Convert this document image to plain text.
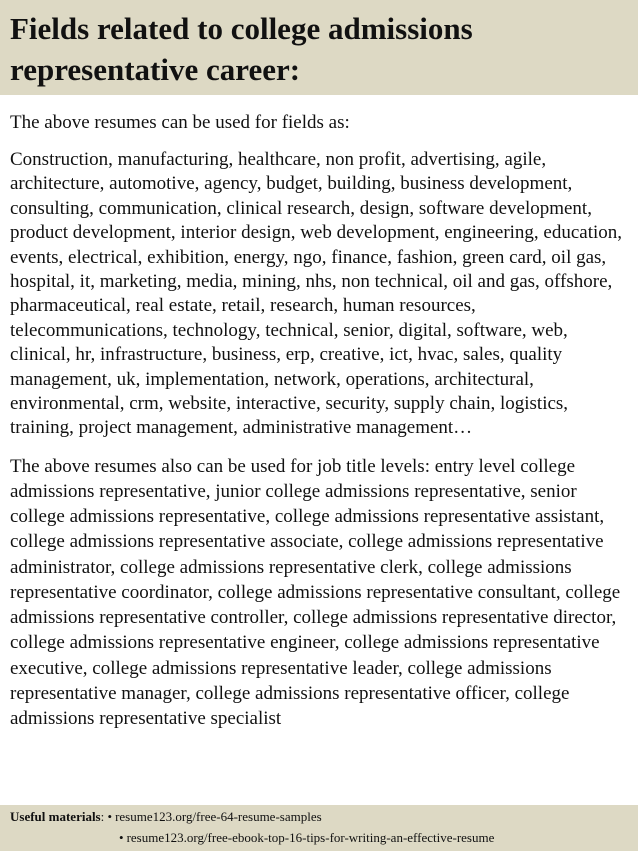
Fields related to college admissions representative career:

The above resumes can be used for fields as:

Construction, manufacturing, healthcare, non profit, advertising, agile, architecture, automotive, agency, budget, building, business development, consulting, communication, clinical research, design, software development, product development, interior design, web development, engineering, education, events, electrical, exhibition, energy, ngo, finance, fashion, green card, oil gas, hospital, it, marketing, media, mining, nhs, non technical, oil and gas, offshore, pharmaceutical, real estate, retail, research, human resources, telecommunications, technology, technical, senior, digital, software, web, clinical, hr, infrastructure, business, erp, creative, ict, hvac, sales, quality management, uk, implementation, network, operations, architectural, environmental, crm, website, interactive, security, supply chain, logistics, training, project management, administrative management…

The above resumes also can be used for job title levels: entry level college admissions representative, junior college admissions representative, senior college admissions representative, college admissions representative assistant, college admissions representative associate, college admissions representative administrator, college admissions representative clerk, college admissions representative coordinator, college admissions representative consultant, college admissions representative controller, college admissions representative director, college admissions representative engineer, college admissions representative executive, college admissions representative leader, college admissions representative manager, college admissions representative officer, college admissions representative specialist

Useful materials: • resume123.org/free-64-resume-samples
• resume123.org/free-ebook-top-16-tips-for-writing-an-effective-resume
